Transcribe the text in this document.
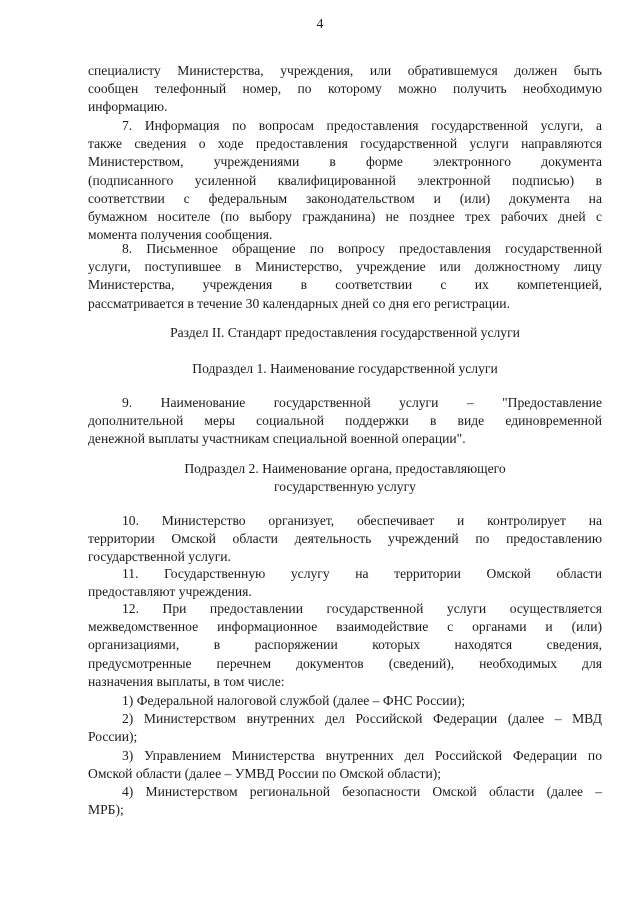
4

специалисту Министерства, учреждения, или обратившемуся должен быть

сообщен телефонный номер, по которому можно получить необходимую

информацию.

7. Информация по вопросам предоставления государственной услуги, а

также сведения о ходе предоставления государственной услуги направляются

Министерством, учреждениями в форме электронного документа

(подписанного усиленной квалифицированной электронной подписью) в

соответствии с федеральным законодательством и (или) документа на

бумажном носителе (по выбору гражданина) не позднее трех рабочих дней с

момента получения сообщения.

8. Письменное обращение по вопросу предоставления государственной

услуги, поступившее в Министерство, учреждение или должностному лицу

Министерства, учреждения в соответствии с их компетенцией,

рассматривается в течение 30 календарных дней со дня его регистрации.

Раздел II. Стандарт предоставления государственной услуги
Подраздел 1. Наименование государственной услуги

9. Наименование государственной услуги – "Предоставление

дополнительной меры социальной поддержки в виде единовременной

денежной выплаты участникам специальной военной операции".

Подраздел 2. Наименование органа, предоставляющего
государственную услугу

10. Министерство организует, обеспечивает и контролирует на

территории Омской области деятельность учреждений по предоставлению

государственной услуги.

11. Государственную услугу на территории Омской области

предоставляют учреждения.

12. При предоставлении государственной услуги осуществляется

межведомственное информационное взаимодействие с органами и (или)

организациями, в распоряжении которых находятся сведения,

предусмотренные перечнем документов (сведений), необходимых для

назначения выплаты, в том числе:

1) Федеральной налоговой службой (далее – ФНС России);

2) Министерством внутренних дел Российской Федерации (далее – МВД

России);

3) Управлением Министерства внутренних дел Российской Федерации по

Омской области (далее – УМВД России по Омской области);

4) Министерством региональной безопасности Омской области (далее –

МРБ);
